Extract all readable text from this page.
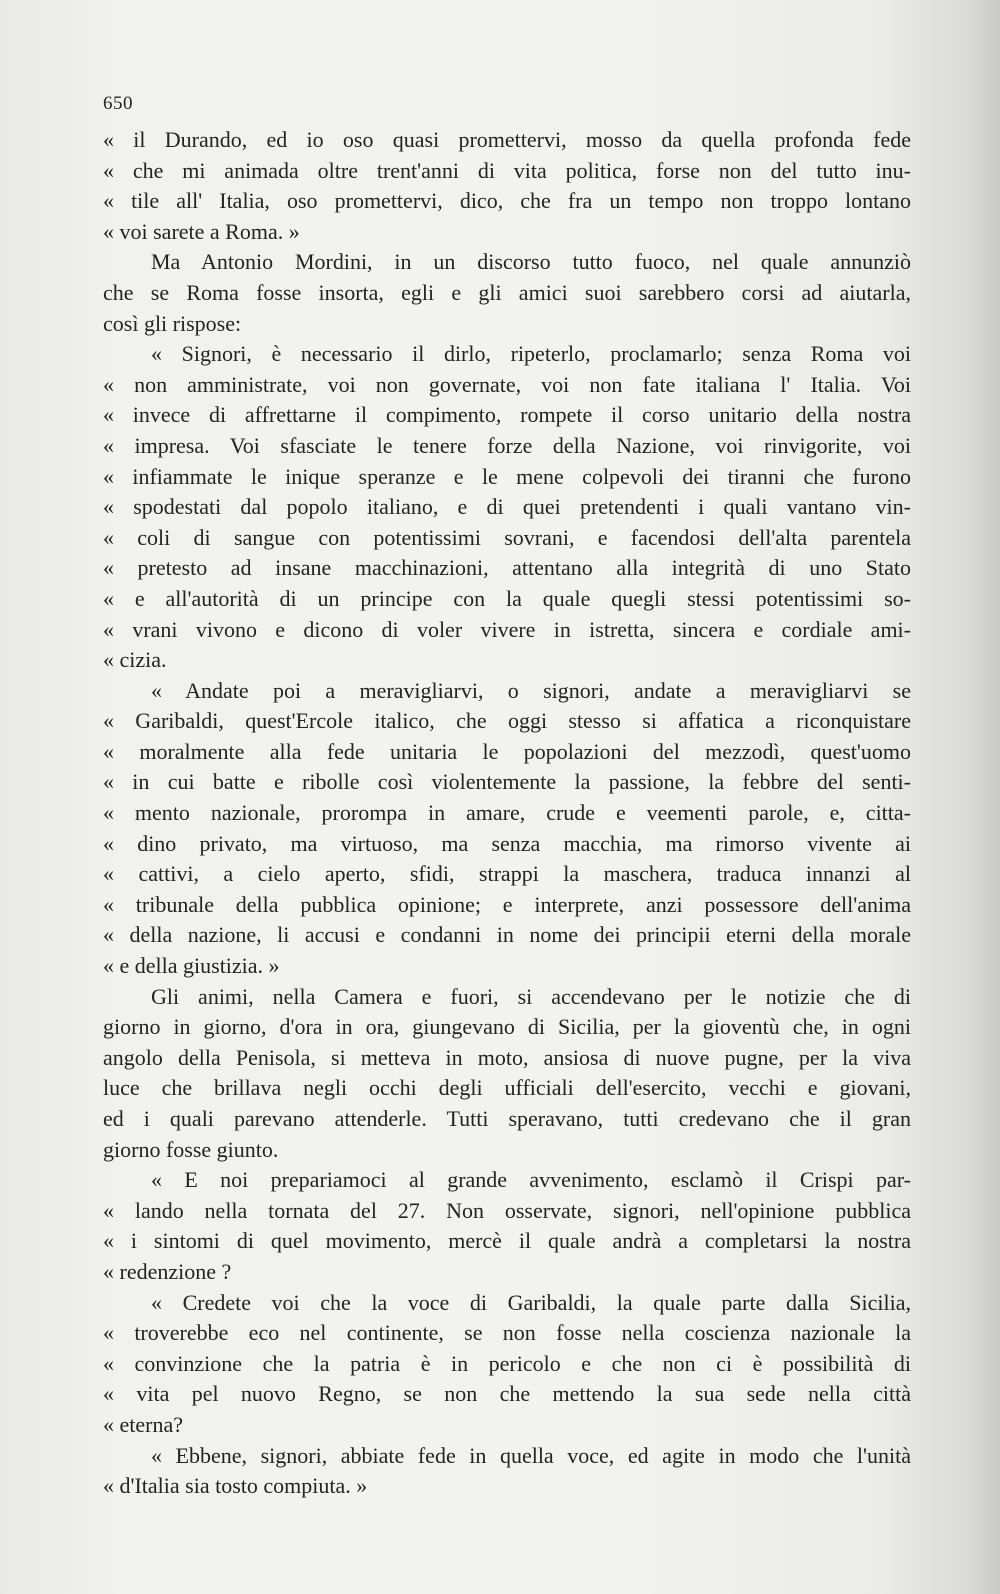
650
« il Durando, ed io oso quasi promettervi, mosso da quella profonda fede
« che mi animada oltre trent'anni di vita politica, forse non del tutto inu-
« tile all' Italia, oso promettervi, dico, che fra un tempo non troppo lontano
« voi sarete a Roma. »
Ma Antonio Mordini, in un discorso tutto fuoco, nel quale annunziò
che se Roma fosse insorta, egli e gli amici suoi sarebbero corsi ad aiutarla,
così gli rispose:
« Signori, è necessario il dirlo, ripeterlo, proclamarlo; senza Roma voi
« non amministrate, voi non governate, voi non fate italiana l' Italia. Voi
« invece di affrettarne il compimento, rompete il corso unitario della nostra
« impresa. Voi sfasciate le tenere forze della Nazione, voi rinvigorite, voi
« infiammate le inique speranze e le mene colpevoli dei tiranni che furono
« spodestati dal popolo italiano, e di quei pretendenti i quali vantano vin-
« coli di sangue con potentissimi sovrani, e facendosi dell'alta parentela
« pretesto ad insane macchinazioni, attentano alla integrità di uno Stato
« e all'autorità di un principe con la quale quegli stessi potentissimi so-
« vrani vivono e dicono di voler vivere in istretta, sincera e cordiale ami-
« cizia.
« Andate poi a meravigliarvi, o signori, andate a meravigliarvi se
« Garibaldi, quest'Ercole italico, che oggi stesso si affatica a riconquistare
« moralmente alla fede unitaria le popolazioni del mezzodì, quest'uomo
« in cui batte e ribolle così violentemente la passione, la febbre del senti-
« mento nazionale, prorompa in amare, crude e veementi parole, e, citta-
« dino privato, ma virtuoso, ma senza macchia, ma rimorso vivente ai
« cattivi, a cielo aperto, sfidi, strappi la maschera, traduca innanzi al
« tribunale della pubblica opinione; e interprete, anzi possessore dell'anima
« della nazione, li accusi e condanni in nome dei principii eterni della morale
« e della giustizia. »
Gli animi, nella Camera e fuori, si accendevano per le notizie che di
giorno in giorno, d'ora in ora, giungevano di Sicilia, per la gioventù che, in ogni
angolo della Penisola, si metteva in moto, ansiosa di nuove pugne, per la viva
luce che brillava negli occhi degli ufficiali dell'esercito, vecchi e giovani,
ed i quali parevano attenderle. Tutti speravano, tutti credevano che il gran
giorno fosse giunto.
« E noi prepariamoci al grande avvenimento, esclamò il Crispi par-
« lando nella tornata del 27. Non osservate, signori, nell'opinione pubblica
« i sintomi di quel movimento, mercè il quale andrà a completarsi la nostra
« redenzione ?
« Credete voi che la voce di Garibaldi, la quale parte dalla Sicilia,
« troverebbe eco nel continente, se non fosse nella coscienza nazionale la
« convinzione che la patria è in pericolo e che non ci è possibilità di
« vita pel nuovo Regno, se non che mettendo la sua sede nella città
« eterna?
« Ebbene, signori, abbiate fede in quella voce, ed agite in modo che l'unità
« d'Italia sia tosto compiuta. »
